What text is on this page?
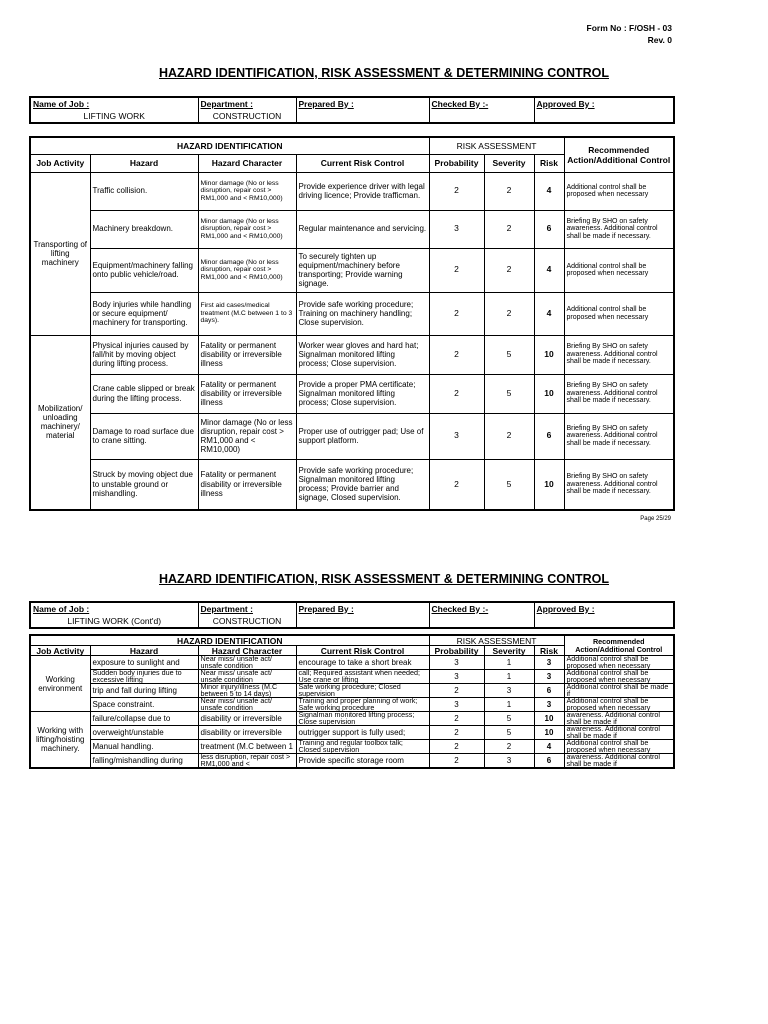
Form No : F/OSH - 03
Rev. 0
HAZARD IDENTIFICATION, RISK ASSESSMENT & DETERMINING CONTROL
Name of Job :	Department :	Prepared By :	Checked By :-	Approved By :
LIFTING WORK	CONSTRUCTION			
HAZARD IDENTIFICATION				RISK ASSESSMENT			Recommended Action/Additional Control
Job Activity	Hazard	Hazard Character	Current Risk Control	Probability	Severity	Risk	
Transporting of lifting machinery	Traffic collision.	Minor damage (No or less disruption, repair cost > RM1,000 and < RM10,000)	Provide experience driver with legal driving licence; Provide trafficman.	2	2	4	Additional control shall be proposed when necessary
	Machinery breakdown.	Minor damage (No or less disruption, repair cost > RM1,000 and < RM10,000)	Regular maintenance and servicing.	3	2	6	Briefing By SHO on safety awareness. Additional control shall be made if necessary.
	Equipment/machinery falling onto public vehicle/road.	Minor damage (No or less disruption, repair cost > RM1,000 and < RM10,000)	To securely tighten up equipment/machinery before transporting; Provide warning signage.	2	2	4	Additional control shall be proposed when necessary
	Body injuries while handling or secure equipment/ machinery for transporting.	First aid cases/medical treatment (M.C between 1 to 3 days).	Provide safe working procedure; Training on machinery handling; Close supervision.	2	2	4	Additional control shall be proposed when necessary
Mobilization/ unloading machinery/ material	Physical injuries caused by fall/hit by moving object during lifting process.	Fatality or permanent disability or irreversible illness	Worker wear gloves and hard hat; Signalman monitored lifting process; Close supervision.	2	5	10	Briefing By SHO on safety awareness. Additional control shall be made if necessary.
	Crane cable slipped or break during the lifting process.	Fatality or permanent disability or irreversible illness	Provide a proper PMA certificate; Signalman monitored lifting process; Close supervision.	2	5	10	Briefing By SHO on safety awareness. Additional control shall be made if necessary.
	Damage to road surface due to crane sitting.	Minor damage (No or less disruption, repair cost > RM1,000 and < RM10,000)	Proper use of outrigger pad; Use of support platform.	3	2	6	Briefing By SHO on safety awareness. Additional control shall be made if necessary.
	Struck by moving object due to unstable ground or mishandling.	Fatality or permanent disability or irreversible illness	Provide safe working procedure; Signalman monitored lifting process; Provide barrier and signage, Closed supervision.	2	5	10	Briefing By SHO on safety awareness. Additional control shall be made if necessary.
Page 25/29
HAZARD IDENTIFICATION, RISK ASSESSMENT & DETERMINING CONTROL
Name of Job :	Department :	Prepared By :	Checked By :-	Approved By :
LIFTING WORK (Cont'd)	CONSTRUCTION			
HAZARD IDENTIFICATION				RISK ASSESSMENT			Recommended Action/Additional Control
Job Activity	Hazard	Hazard Character	Current Risk Control	Probability	Severity	Risk	
Working environment	exposure to sunlight and	Near miss/ unsafe act/ unsafe condition	encourage to take a short break	3	1	3	Additional control shall be proposed when necessary
	Sudden body injuries due to excessive lifting	Near miss/ unsafe act/ unsafe condition	call; Required assistant when needed; Use crane or lifting	3	1	3	Additional control shall be proposed when necessary
	trip and fall during lifting	Minor injury/illness (M.C between 5 to 14 days)	Safe working procedure; Closed supervision	2	3	6	Additional control shall be made if
	Space constraint.	Near miss/ unsafe act/ unsafe condition	Training and proper planning of work; Safe working procedure	3	1	3	Additional control shall be proposed when necessary
Working with lifting/hoisting machinery.	failure/collapse due to	disability or irreversible	Signalman monitored lifting process; Close supervision	2	5	10	awareness. Additional control shall be made if
	overweight/unstable	disability or irreversible	outrigger support is fully used;	2	5	10	awareness. Additional control shall be made if
	Manual handling.	treatment (M.C between 1	Training and regular toolbox talk; Closed supervision	2	2	4	Additional control shall be proposed when necessary
	falling/mishandling during	less disruption, repair cost > RM1,000 and <	Provide specific storage room	2	3	6	awareness. Additional control shall be made if
